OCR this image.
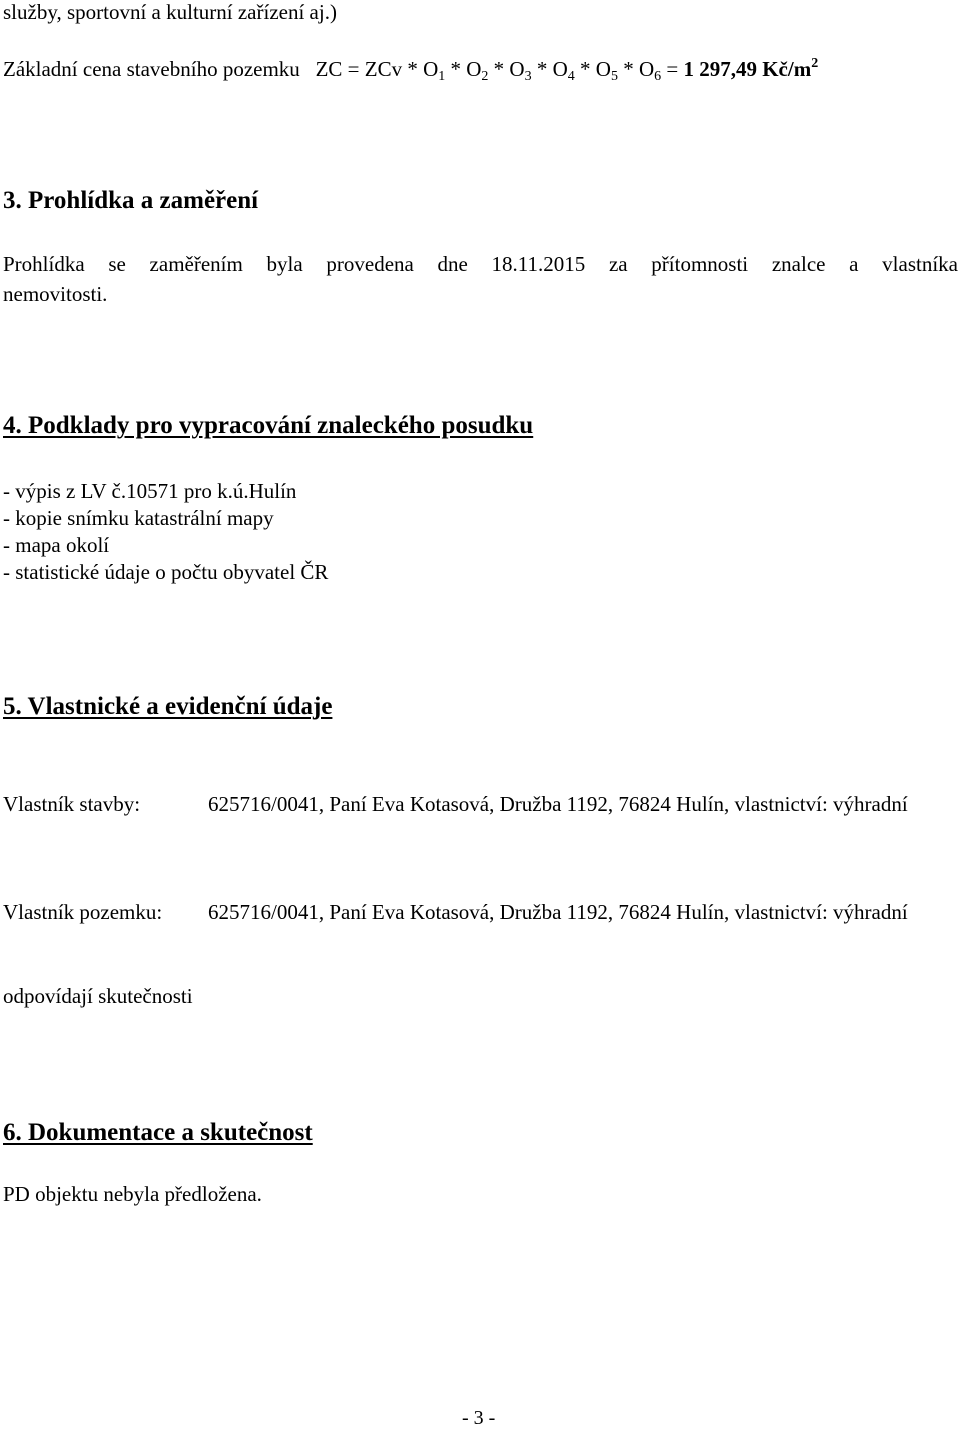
služby, sportovní a kulturní zařízení aj.)
Základní cena stavebního pozemku ZC = ZCv * $O_1 * O_2 * O_3 * O_4 * O_5 * O_6 = 1$ 297,49 $Kč/m^2$
3. Prohlídka a zaměření
Prohlídka se zaměřením byla provedena dne 18.11.2015 za přítomnosti znalce a vlastníka
nemovitosti.
4. Podklady pro vypracování znaleckého posudku
- výpis z LV č.10571 pro k.ú.Hulín
- kopie snímku katastrální mapy
- mapa okolí
- statistické údaje o počtu obyvatel ČR
5. Vlastnické a evidenční údaje
Vlastník stavby:	625716/0041, Paní Eva Kotasová, Družba 1192, 76824 Hulín, vlastnictví: výhradní
Vlastník pozemku: 625716/0041, Paní Eva Kotasová, Družba 1192, 76824 Hulín, vlastnictví: výhradní
odpovídají skutečnosti
6. Dokumentace a skutečnost
PD objektu nebyla předložena.
- 3 -
